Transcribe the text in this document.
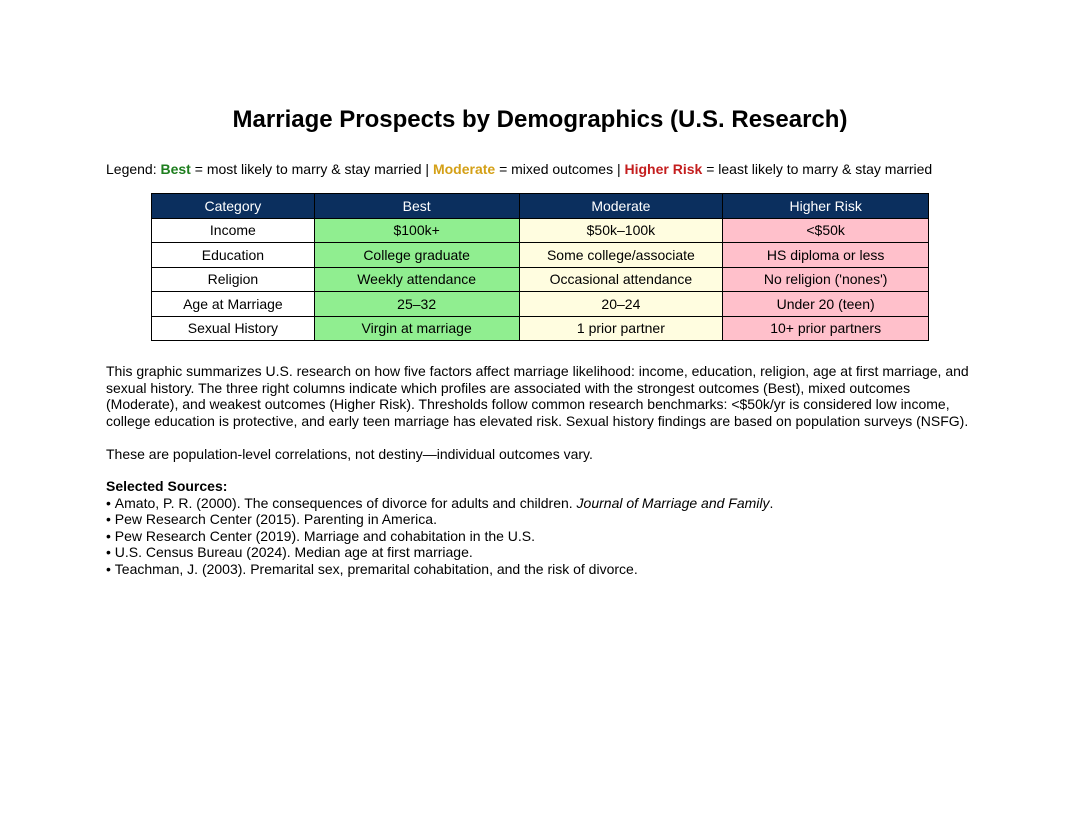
Marriage Prospects by Demographics (U.S. Research)
Legend: Best = most likely to marry & stay married | Moderate = mixed outcomes | Higher Risk = least likely to marry & stay married
Category	Best	Moderate	Higher Risk
Income	$100k+	$50k–100k	<$50k
Education	College graduate	Some college/associate	HS diploma or less
Religion	Weekly attendance	Occasional attendance	No religion ('nones')
Age at Marriage	25–32	20–24	Under 20 (teen)
Sexual History	Virgin at marriage	1 prior partner	10+ prior partners

This graphic summarizes U.S. research on how five factors affect marriage likelihood: income, education, religion, age at first marriage, and sexual history. The three right columns indicate which profiles are associated with the strongest outcomes (Best), mixed outcomes (Moderate), and weakest outcomes (Higher Risk). Thresholds follow common research benchmarks: <$50k/yr is considered low income, college education is protective, and early teen marriage has elevated risk. Sexual history findings are based on population surveys (NSFG).

These are population-level correlations, not destiny—individual outcomes vary.

Selected Sources:
• Amato, P. R. (2000). The consequences of divorce for adults and children. Journal of Marriage and Family.
• Pew Research Center (2015). Parenting in America.
• Pew Research Center (2019). Marriage and cohabitation in the U.S.
• U.S. Census Bureau (2024). Median age at first marriage.
• Teachman, J. (2003). Premarital sex, premarital cohabitation, and the risk of divorce.
